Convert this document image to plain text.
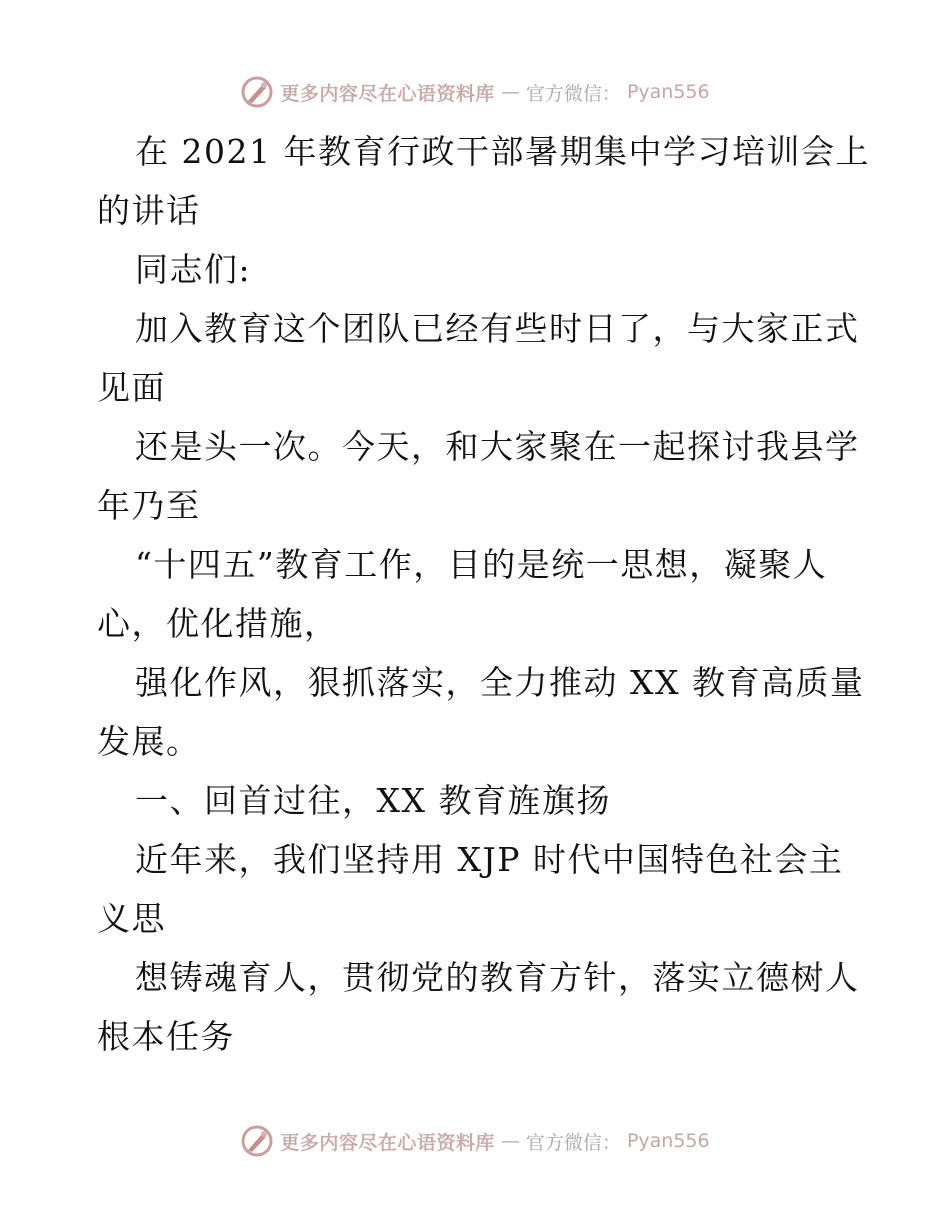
更多内容尽在心语资料库 — 官方微信： Pyan556
在 2021 年教育行政干部暑期集中学习培训会上
的讲话
同志们:
加入教育这个团队已经有些时日了，与大家正式
见面
还是头一次。今天，和大家聚在一起探讨我县学
年乃至
“十四五”教育工作，目的是统一思想，凝聚人
心，优化措施，
强化作风，狠抓落实，全力推动 XX 教育高质量
发展。
一、回首过往，XX 教育旌旗扬
近年来，我们坚持用 XJP 时代中国特色社会主
义思
想铸魂育人，贯彻党的教育方针，落实立德树人
根本任务
更多内容尽在心语资料库 — 官方微信： Pyan556
